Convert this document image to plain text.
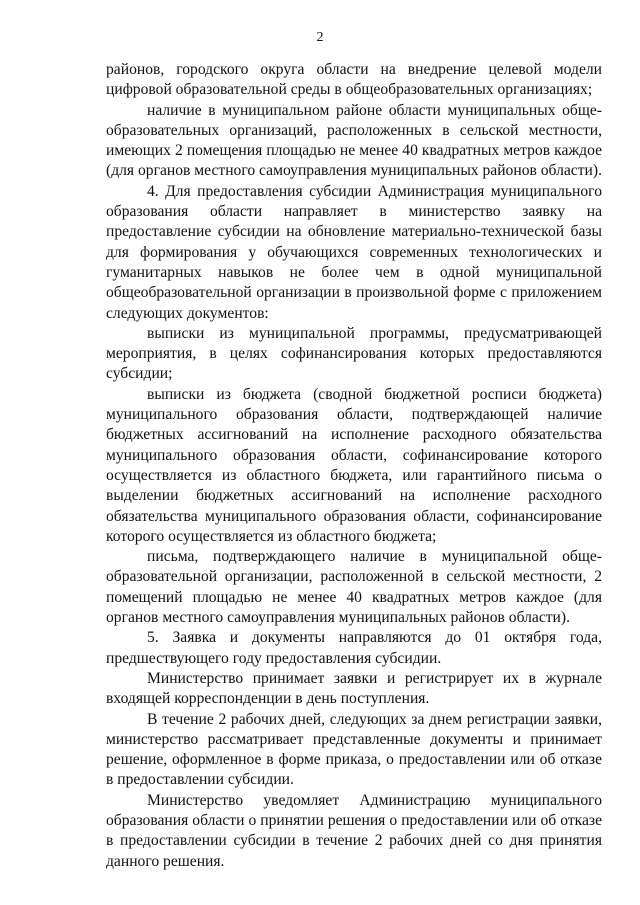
2

районов, городского округа области на внедрение целевой модели цифровой образовательной среды в общеобразовательных организациях;

наличие в муниципальном районе области муниципальных общеобразовательных организаций, расположенных в сельской местности, имеющих 2 помещения площадью не менее 40 квадратных метров каждое (для органов местного самоуправления муниципальных районов области).

4. Для предоставления субсидии Администрация муниципального образования области направляет в министерство заявку на предоставление субсидии на обновление материально-технической базы для формирования у обучающихся современных технологических и гуманитарных навыков не более чем в одной муниципальной общеобразовательной организации в произвольной форме с приложением следующих документов:

выписки из муниципальной программы, предусматривающей мероприятия, в целях софинансирования которых предоставляются субсидии;

выписки из бюджета (сводной бюджетной росписи бюджета) муниципального образования области, подтверждающей наличие бюджетных ассигнований на исполнение расходного обязательства муниципального образования области, софинансирование которого осуществляется из областного бюджета, или гарантийного письма о выделении бюджетных ассигнований на исполнение расходного обязательства муниципального образования области, софинансирование которого осуществляется из областного бюджета;

письма, подтверждающего наличие в муниципальной общеобразовательной организации, расположенной в сельской местности, 2 помещений площадью не менее 40 квадратных метров каждое (для органов местного самоуправления муниципальных районов области).

5. Заявка и документы направляются до 01 октября года, предшествующего году предоставления субсидии.

Министерство принимает заявки и регистрирует их в журнале входящей корреспонденции в день поступления.

В течение 2 рабочих дней, следующих за днем регистрации заявки, министерство рассматривает представленные документы и принимает решение, оформленное в форме приказа, о предоставлении или об отказе в предоставлении субсидии.

Министерство уведомляет Администрацию муниципального образования области о принятии решения о предоставлении или об отказе в предоставлении субсидии в течение 2 рабочих дней со дня принятия данного решения.
